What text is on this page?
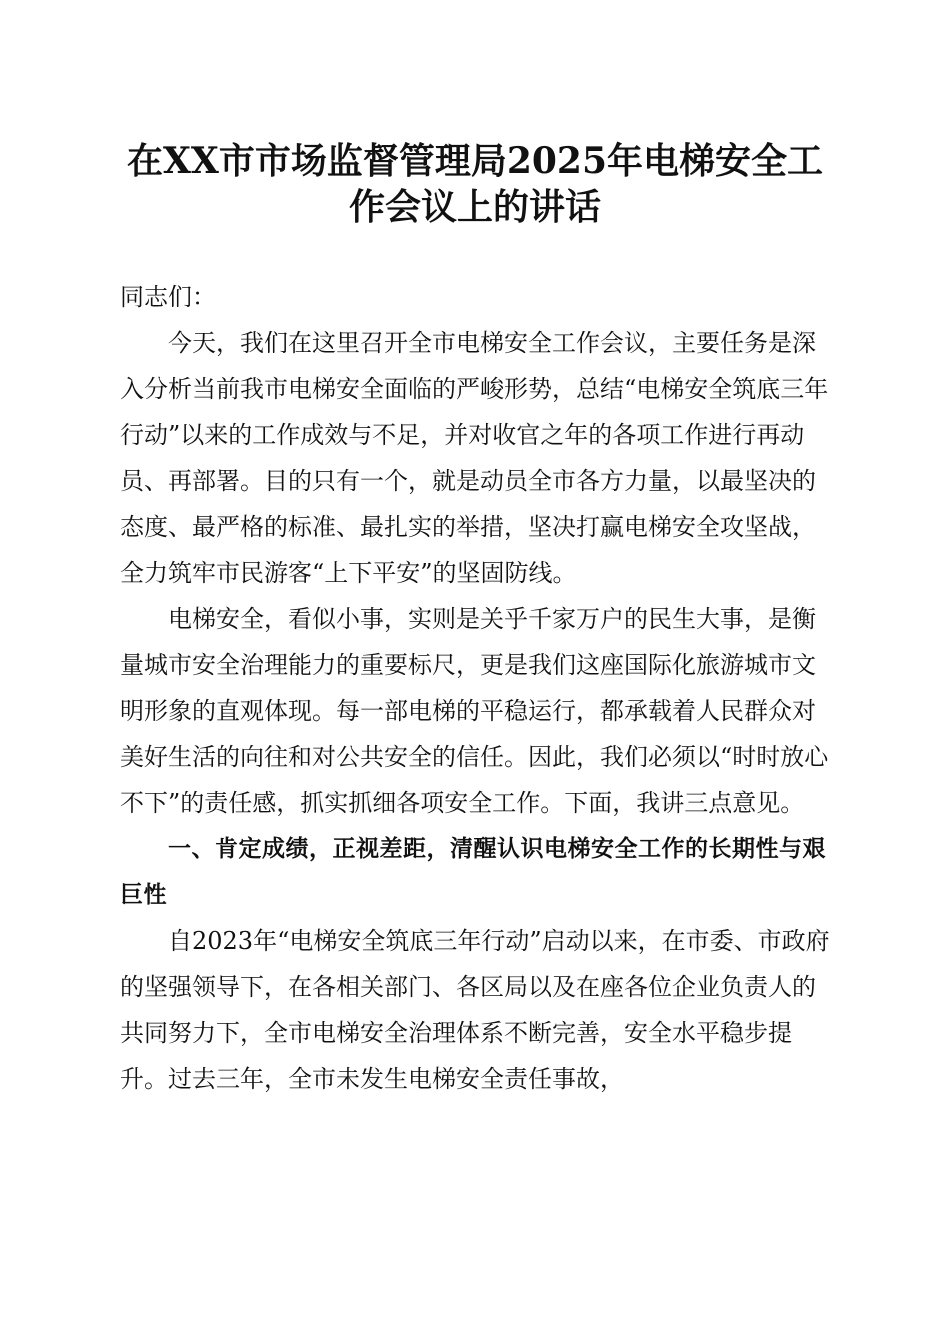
在XX市市场监督管理局2025年电梯安全工作会议上的讲话

同志们：

今天，我们在这里召开全市电梯安全工作会议，主要任务是深入分析当前我市电梯安全面临的严峻形势，总结“电梯安全筑底三年行动”以来的工作成效与不足，并对收官之年的各项工作进行再动员、再部署。目的只有一个，就是动员全市各方力量，以最坚决的态度、最严格的标准、最扎实的举措，坚决打赢电梯安全攻坚战，全力筑牢市民游客“上下平安”的坚固防线。

电梯安全，看似小事，实则是关乎千家万户的民生大事，是衡量城市安全治理能力的重要标尺，更是我们这座国际化旅游城市文明形象的直观体现。每一部电梯的平稳运行，都承载着人民群众对美好生活的向往和对公共安全的信任。因此，我们必须以“时时放心不下”的责任感，抓实抓细各项安全工作。下面，我讲三点意见。

一、肯定成绩，正视差距，清醒认识电梯安全工作的长期性与艰巨性

自2023年“电梯安全筑底三年行动”启动以来，在市委、市政府的坚强领导下，在各相关部门、各区局以及在座各位企业负责人的共同努力下，全市电梯安全治理体系不断完善，安全水平稳步提升。过去三年，全市未发生电梯安全责任事故，
